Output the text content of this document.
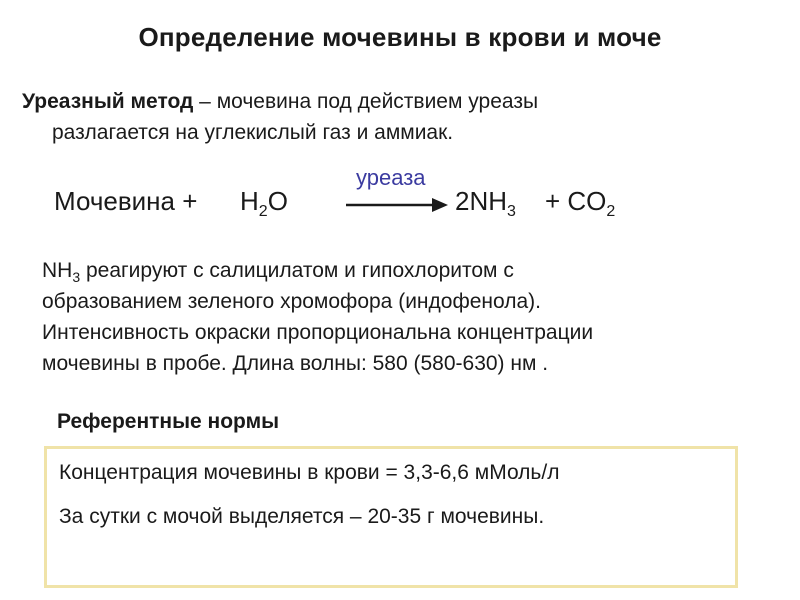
Определение мочевины в крови и моче
Уреазный метод – мочевина под действием уреазы
разлагается на углекислый газ и аммиак.
Мочевина + $H_2O$	$2NH_3 + CO_2$
уреаза
$NH_3$ реагируют с салицилатом и гипохлоритом с
образованием зеленого хромофора (индофенола).
Интенсивность окраски пропорциональна концентрации
мочевины в пробе. Длина волны: 580 (580-630) нм .
Референтные нормы
Концентрация мочевины в крови = 3,3-6,6 мМоль/л
За сутки с мочой выделяется – 20-35 г мочевины.
